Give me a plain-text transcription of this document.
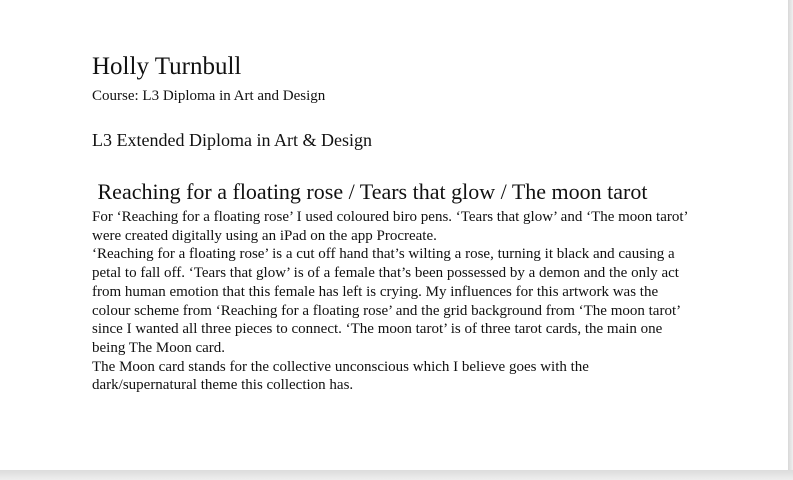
Holly Turnbull
Course: L3 Diploma in Art and Design
L3 Extended Diploma in Art & Design
Reaching for a floating rose / Tears that glow / The moon tarot

For ‘Reaching for a floating rose’ I used coloured biro pens. ‘Tears that glow’ and ‘The moon tarot’ were created digitally using an iPad on the app Procreate.

‘Reaching for a floating rose’ is a cut off hand that’s wilting a rose, turning it black and causing a petal to fall off. ‘Tears that glow’ is of a female that’s been possessed by a demon and the only act from human emotion that this female has left is crying. My influences for this artwork was the colour scheme from ‘Reaching for a floating rose’ and the grid background from ‘The moon tarot’ since I wanted all three pieces to connect. ‘The moon tarot’ is of three tarot cards, the main one being The Moon card.

The Moon card stands for the collective unconscious which I believe goes with the dark/supernatural theme this collection has.
